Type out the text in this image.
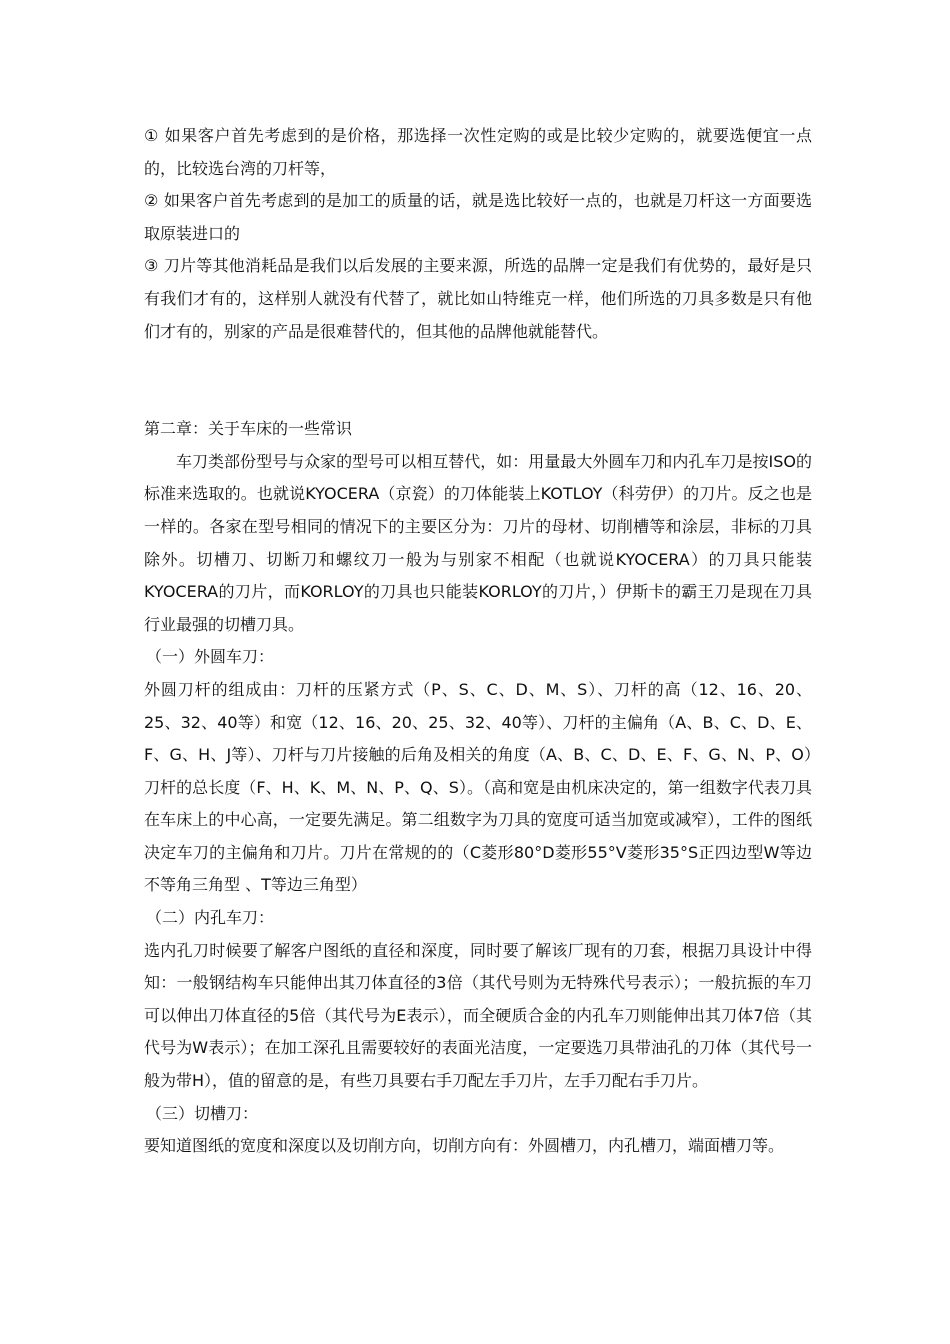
① 如果客户首先考虑到的是价格，那选择一次性定购的或是比较少定购的，就要选便宜一点的，比较选台湾的刀杆等，

② 如果客户首先考虑到的是加工的质量的话，就是选比较好一点的，也就是刀杆这一方面要选取原装进口的

③ 刀片等其他消耗品是我们以后发展的主要来源，所选的品牌一定是我们有优势的，最好是只有我们才有的，这样别人就没有代替了，就比如山特维克一样，他们所选的刀具多数是只有他们才有的，别家的产品是很难替代的，但其他的品牌他就能替代。

第二章：关于车床的一些常识

车刀类部份型号与众家的型号可以相互替代，如：用量最大外圆车刀和内孔车刀是按ISO的标准来选取的。也就说KYOCERA（京瓷）的刀体能装上KOTLOY（科劳伊）的刀片。反之也是一样的。各家在型号相同的情况下的主要区分为：刀片的母材、切削槽等和涂层，非标的刀具除外。切槽刀、切断刀和螺纹刀一般为与别家不相配（也就说KYOCERA）的刀具只能装KYOCERA的刀片，而KORLOY的刀具也只能装KORLOY的刀片，）伊斯卡的霸王刀是现在刀具行业最强的切槽刀具。

（一）外圆车刀：

外圆刀杆的组成由：刀杆的压紧方式（P、S、C、D、M、S）、刀杆的高（12、16、20、25、32、40等）和宽（12、16、20、25、32、40等）、刀杆的主偏角（A、B、C、D、E、F、G、H、J等）、刀杆与刀片接触的后角及相关的角度（A、B、C、D、E、F、G、N、P、O）刀杆的总长度（F、H、K、M、N、P、Q、S）。（高和宽是由机床决定的，第一组数字代表刀具在车床上的中心高，一定要先满足。第二组数字为刀具的宽度可适当加宽或减窄），工件的图纸决定车刀的主偏角和刀片。刀片在常规的的（C菱形80°D菱形55°V菱形35°S正四边型W等边不等角三角型 、T等边三角型）

（二）内孔车刀：

选内孔刀时候要了解客户图纸的直径和深度，同时要了解该厂现有的刀套，根据刀具设计中得知：一般钢结构车只能伸出其刀体直径的3倍（其代号则为无特殊代号表示）；一般抗振的车刀可以伸出刀体直径的5倍（其代号为E表示），而全硬质合金的内孔车刀则能伸出其刀体7倍（其代号为W表示）；在加工深孔且需要较好的表面光洁度，一定要选刀具带油孔的刀体（其代号一般为带H），值的留意的是，有些刀具要右手刀配左手刀片，左手刀配右手刀片。

（三）切槽刀：

要知道图纸的宽度和深度以及切削方向，切削方向有：外圆槽刀，内孔槽刀，端面槽刀等。
